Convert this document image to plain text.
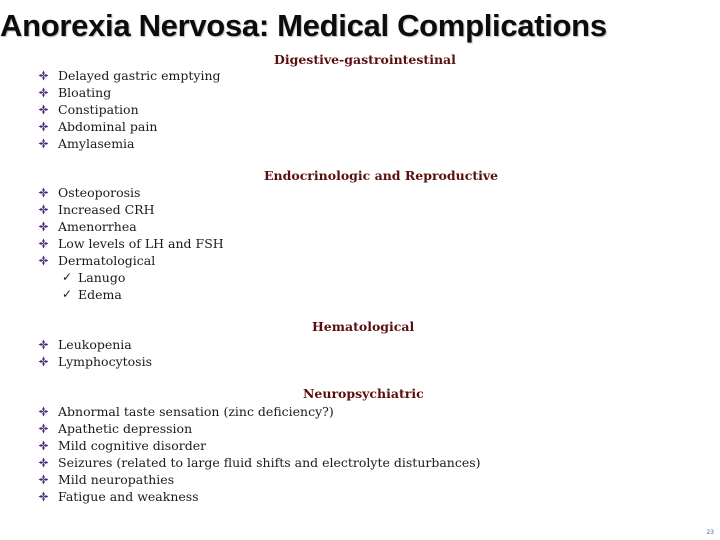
Anorexia Nervosa: Medical Complications
Digestive-gastrointestinal
Delayed gastric emptying
Bloating
Constipation
Abdominal pain
Amylasemia
Endocrinologic and Reproductive
Osteoporosis
Increased CRH
Amenorrhea
Low levels of LH and FSH
Dermatological
✓ Lanugo
✓ Edema
Hematological
Leukopenia
Lymphocytosis
Neuropsychiatric
Abnormal taste sensation (zinc deficiency?)
Apathetic depression
Mild cognitive disorder
Seizures (related to large fluid shifts and electrolyte disturbances)
Mild neuropathies
Fatigue and weakness
23
